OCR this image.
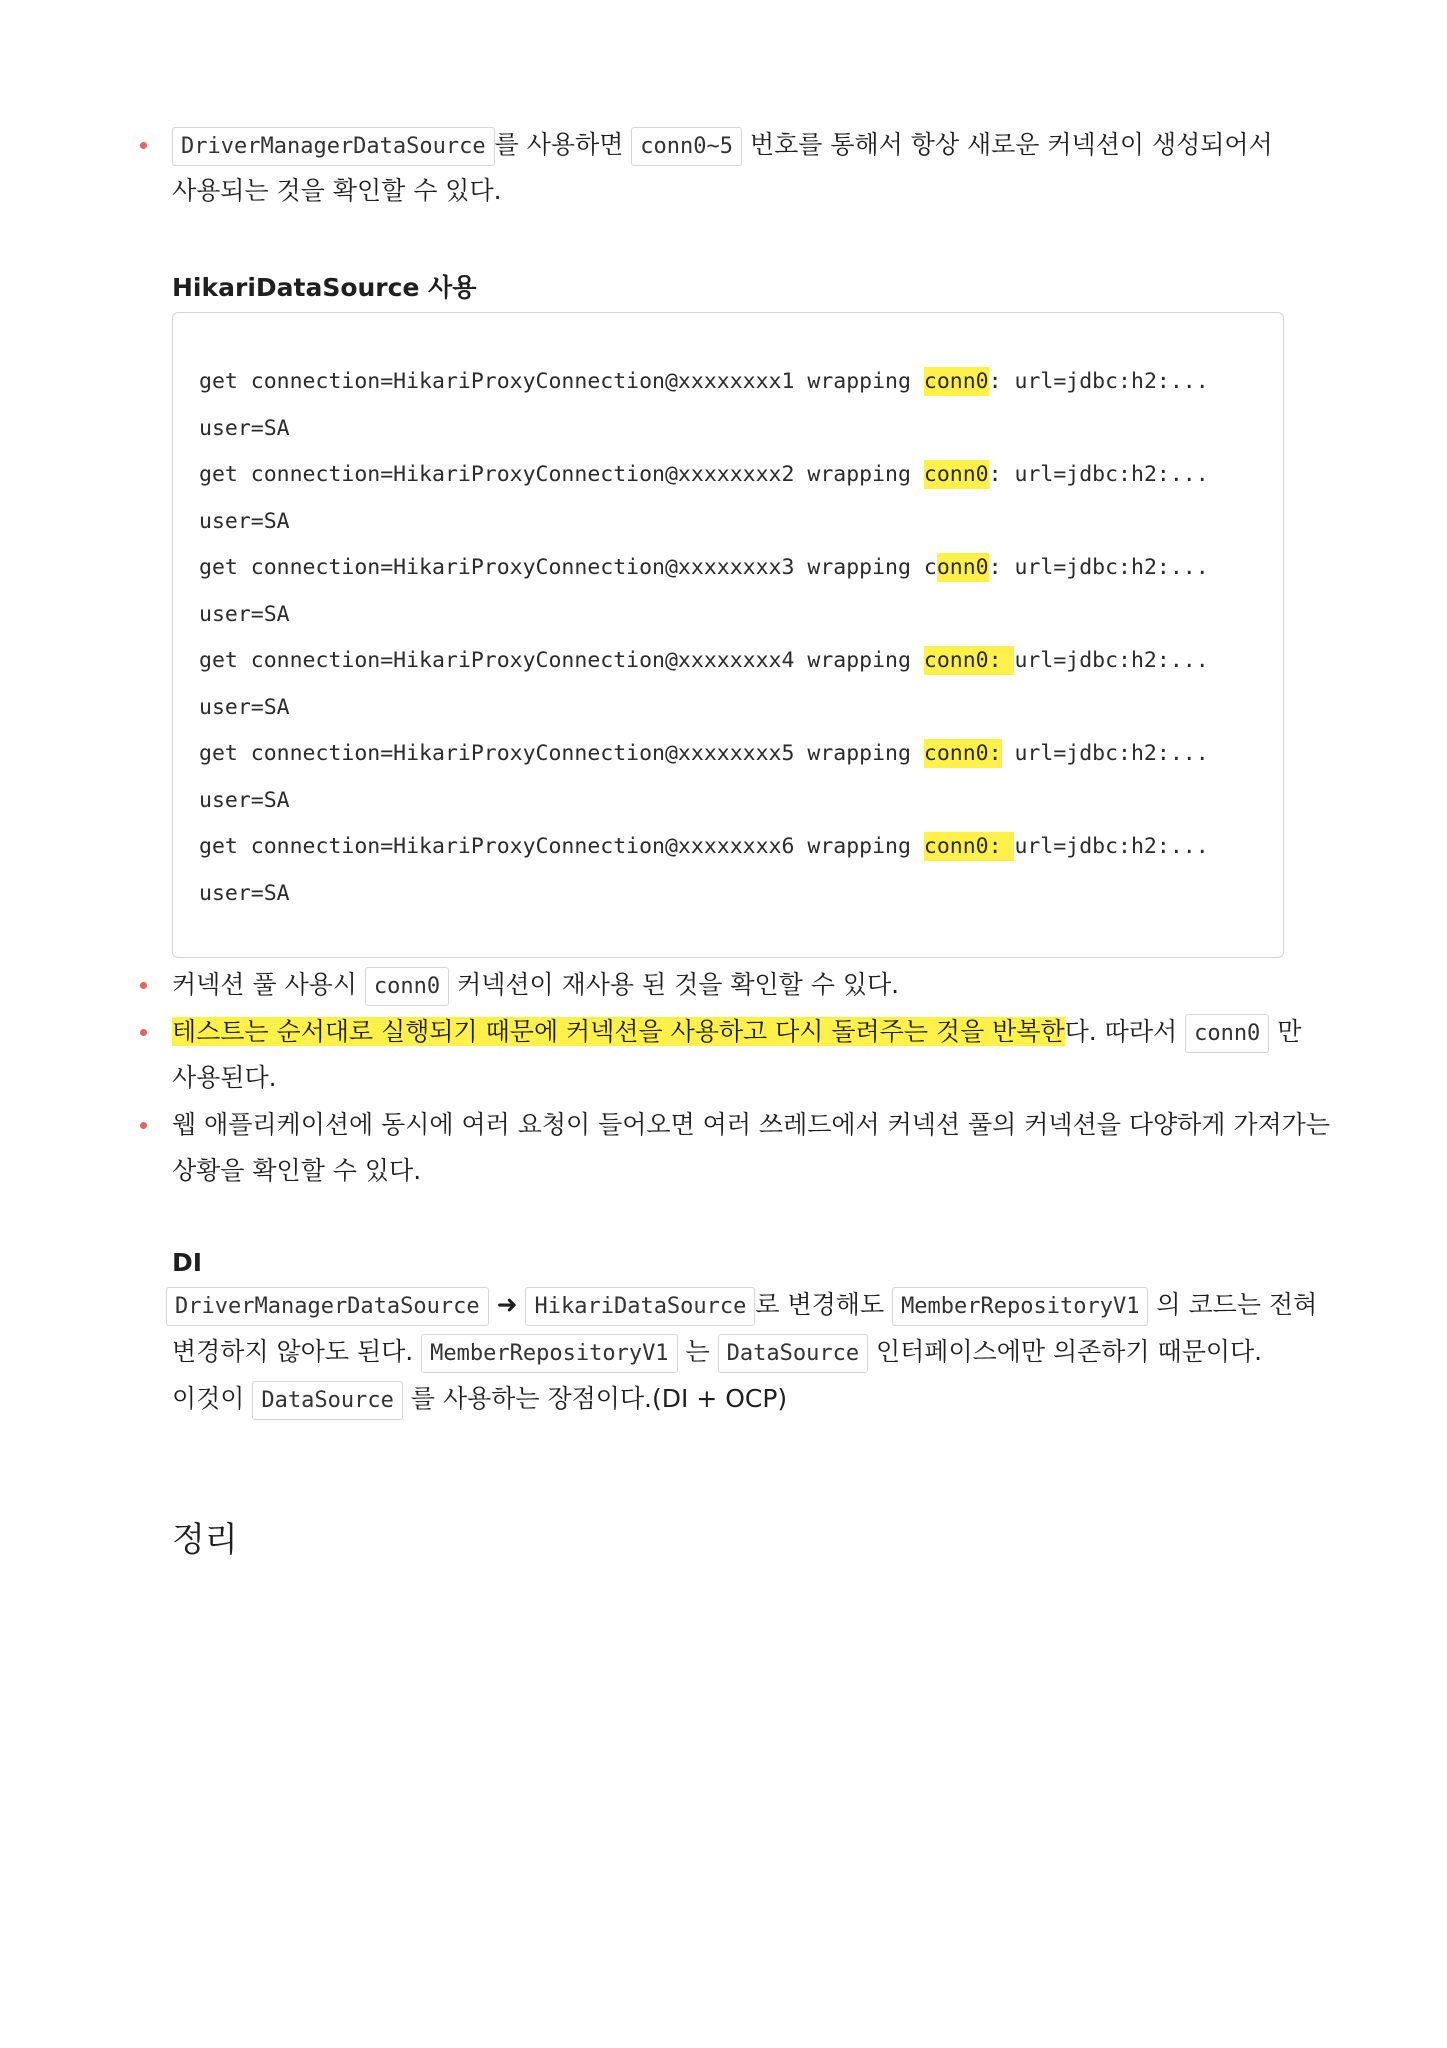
DriverManagerDataSource 를 사용하면 conn0~5 번호를 통해서 항상 새로운 커넥션이 생성되어서
사용되는 것을 확인할 수 있다.
HikariDataSource 사용
get connection=HikariProxyConnection@xxxxxxxx1 wrapping conn0: url=jdbc:h2:...
user=SA
get connection=HikariProxyConnection@xxxxxxxx2 wrapping conn0: url=jdbc:h2:...
user=SA
get connection=HikariProxyConnection@xxxxxxxx3 wrapping conn0: url=jdbc:h2:...
user=SA
get connection=HikariProxyConnection@xxxxxxxx4 wrapping conn0: url=jdbc:h2:...
user=SA
get connection=HikariProxyConnection@xxxxxxxx5 wrapping conn0: url=jdbc:h2:...
user=SA
get connection=HikariProxyConnection@xxxxxxxx6 wrapping conn0: url=jdbc:h2:...
user=SA
커넥션 풀 사용시 conn0 커넥션이 재사용 된 것을 확인할 수 있다.
테스트는 순서대로 실행되기 때문에 커넥션을 사용하고 다시 돌려주는 것을 반복한다. 따라서 conn0 만
사용된다.
웹 애플리케이션에 동시에 여러 요청이 들어오면 여러 쓰레드에서 커넥션 풀의 커넥션을 다양하게 가져가는
상황을 확인할 수 있다.
DI
DriverManagerDataSource ➜ HikariDataSource 로 변경해도 MemberRepositoryV1 의 코드는 전혀
변경하지 않아도 된다. MemberRepositoryV1 는 DataSource 인터페이스에만 의존하기 때문이다.
이것이 DataSource 를 사용하는 장점이다.(DI + OCP)
정리
